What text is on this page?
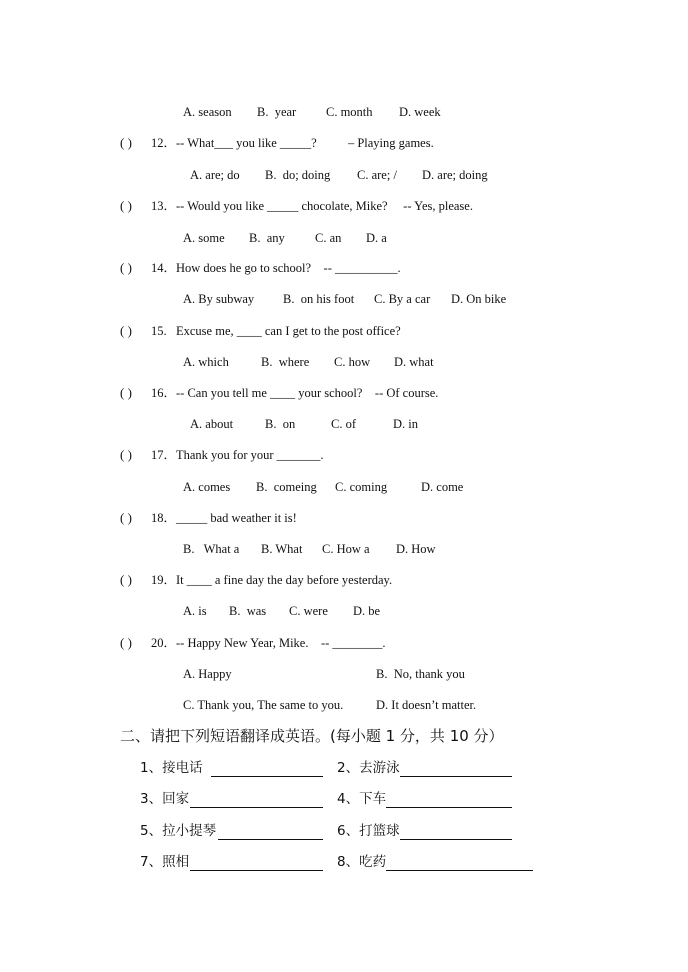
A. season B.  year C. month D. week
( ) 12．-- What___ you like _____?          – Playing games.
A. are; do B.  do; doing C. are; / D. are; doing
( ) 13．-- Would you like _____ chocolate, Mike?     -- Yes, please.
A. some B.  any C. an D. a
( ) 14．How does he go to school?    -- __________.
A. By subway B.  on his foot C. By a car D. On bike
( ) 15.   Excuse me, ____ can I get to the post office?
A. which	B.  where C. how D. what
( ) 16．-- Can you tell me ____ your school?    -- Of course.
A. about	B.  on	C. of	D. in
( ) 17．Thank you for your _______.
A. comes B.  comeing C. coming	D. come
( ) 18．_____ bad weather it is!
B.   What a B. What C. How a D. How
( ) 19．It ____ a fine day the day before yesterday.
A. is B.  was C. were D. be
( ) 20．-- Happy New Year, Mike.    -- ________.
A. Happy	B.  No, thank you
C. Thank you, The same to you.	D. It doesn’t matter.
二、请把下列短语翻译成英语。(每小题 1 分，共 10 分）
1、接电话	2、去游泳
3、回家	4、下车
5、拉小提琴	6、打篮球
7、照相	8、吃药
